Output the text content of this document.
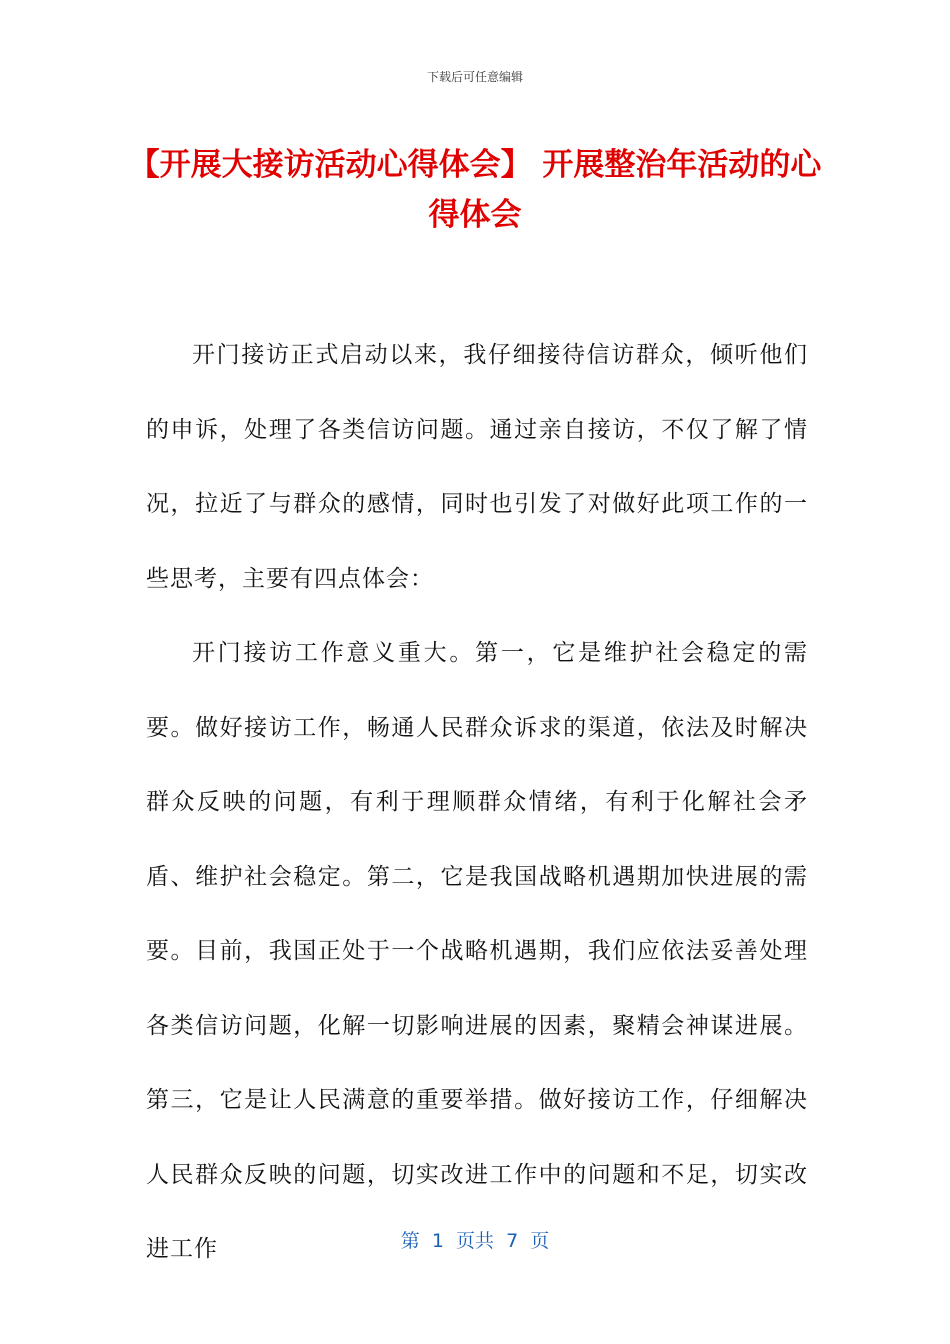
下载后可任意编辑
【开展大接访活动心得体会】 开展整治年活动的心得体会

开门接访正式启动以来，我仔细接待信访群众，倾听他们的申诉，处理了各类信访问题。通过亲自接访，不仅了解了情况，拉近了与群众的感情，同时也引发了对做好此项工作的一些思考，主要有四点体会：

开门接访工作意义重大。第一，它是维护社会稳定的需要。做好接访工作，畅通人民群众诉求的渠道，依法及时解决群众反映的问题，有利于理顺群众情绪，有利于化解社会矛盾、维护社会稳定。第二，它是我国战略机遇期加快进展的需要。目前，我国正处于一个战略机遇期，我们应依法妥善处理各类信访问题，化解一切影响进展的因素，聚精会神谋进展。第三，它是让人民满意的重要举措。做好接访工作，仔细解决人民群众反映的问题，切实改进工作中的问题和不足，切实改进工作	第  1  页共  7  页
